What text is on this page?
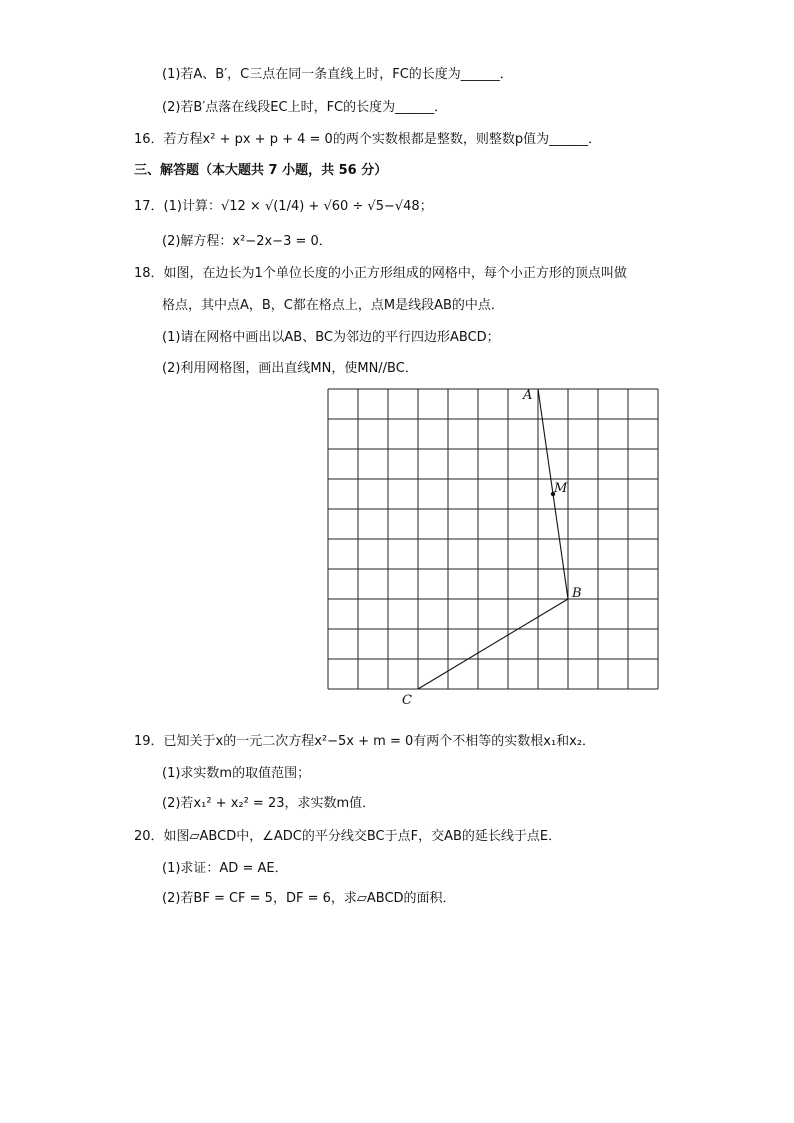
(1)若A、B′，C三点在同一条直线上时，FC的长度为______．
(2)若B′点落在线段EC上时，FC的长度为______．
16．若方程x² + px + p + 4 = 0的两个实数根都是整数，则整数p值为______．
三、解答题（本大题共 7 小题，共 56 分）
17．(1)计算：√12 × √(1/4) + √60 ÷ √5−√48；
(2)解方程：x²−2x−3 = 0．
18．如图，在边长为1个单位长度的小正方形组成的网格中，每个小正方形的顶点叫做
格点，其中点A，B，C都在格点上，点M是线段AB的中点．
(1)请在网格中画出以AB、BC为邻边的平行四边形ABCD；
(2)利用网格图，画出直线MN，使MN//BC．
A
M
B
C
19．已知关于x的一元二次方程x²−5x + m = 0有两个不相等的实数根x₁和x₂．
(1)求实数m的取值范围；
(2)若x₁² + x₂² = 23，求实数m值．
20．如图▱ABCD中，∠ADC的平分线交BC于点F，交AB的延长线于点E．
(1)求证：AD = AE．
(2)若BF = CF = 5，DF = 6，求▱ABCD的面积．
